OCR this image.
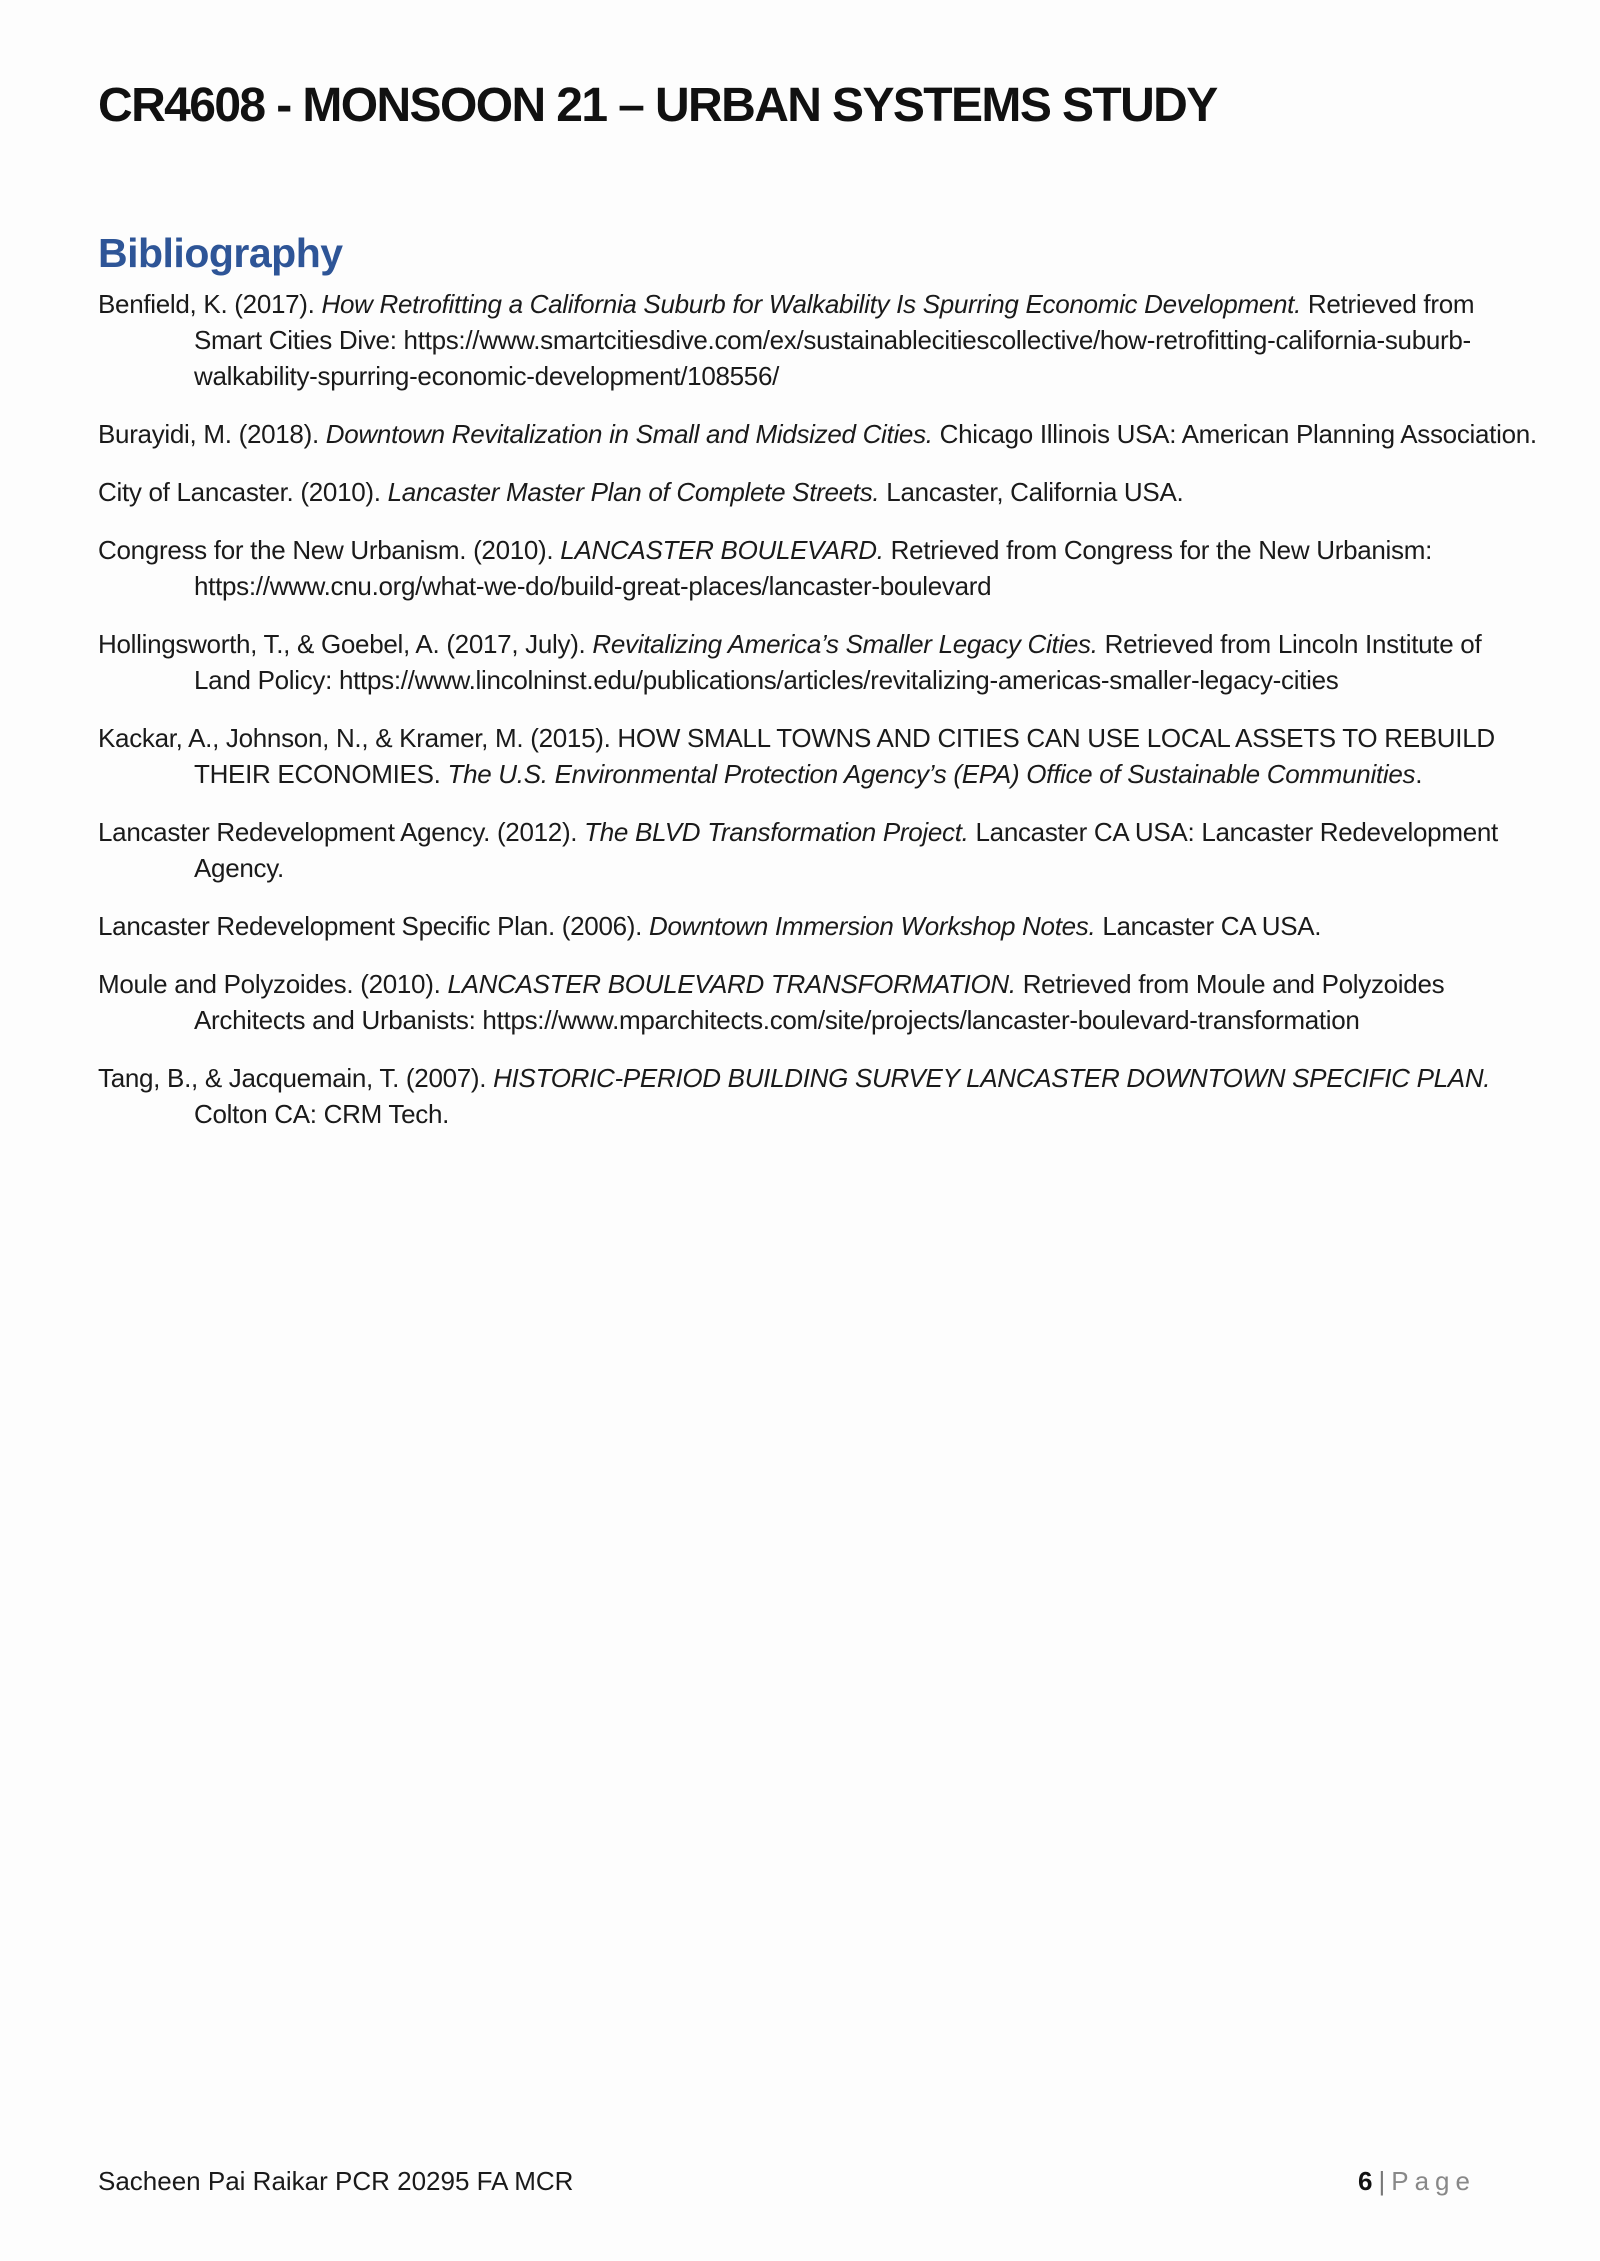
CR4608 - MONSOON 21 – URBAN SYSTEMS STUDY
Bibliography

Benfield, K. (2017). How Retrofitting a California Suburb for Walkability Is Spurring Economic Development. Retrieved from Smart Cities Dive: https://www.smartcitiesdive.com/ex/sustainablecitiescollective/how-retrofitting-california-suburb-walkability-spurring-economic-development/108556/

Burayidi, M. (2018). Downtown Revitalization in Small and Midsized Cities. Chicago Illinois USA: American Planning Association.

City of Lancaster. (2010). Lancaster Master Plan of Complete Streets. Lancaster, California USA.

Congress for the New Urbanism. (2010). LANCASTER BOULEVARD. Retrieved from Congress for the New Urbanism: https://www.cnu.org/what-we-do/build-great-places/lancaster-boulevard

Hollingsworth, T., & Goebel, A. (2017, July). Revitalizing America’s Smaller Legacy Cities. Retrieved from Lincoln Institute of Land Policy: https://www.lincolninst.edu/publications/articles/revitalizing-americas-smaller-legacy-cities

Kackar, A., Johnson, N., & Kramer, M. (2015). HOW SMALL TOWNS AND CITIES CAN USE LOCAL ASSETS TO REBUILD THEIR ECONOMIES. The U.S. Environmental Protection Agency’s (EPA) Office of Sustainable Communities.

Lancaster Redevelopment Agency. (2012). The BLVD Transformation Project. Lancaster CA USA: Lancaster Redevelopment Agency.

Lancaster Redevelopment Specific Plan. (2006). Downtown Immersion Workshop Notes. Lancaster CA USA.

Moule and Polyzoides. (2010). LANCASTER BOULEVARD TRANSFORMATION. Retrieved from Moule and Polyzoides Architects and Urbanists: https://www.mparchitects.com/site/projects/lancaster-boulevard-transformation

Tang, B., & Jacquemain, T. (2007). HISTORIC-PERIOD BUILDING SURVEY LANCASTER DOWNTOWN SPECIFIC PLAN. Colton CA: CRM Tech.

Sacheen Pai Raikar PCR 20295 FA MCR	6 | Page
